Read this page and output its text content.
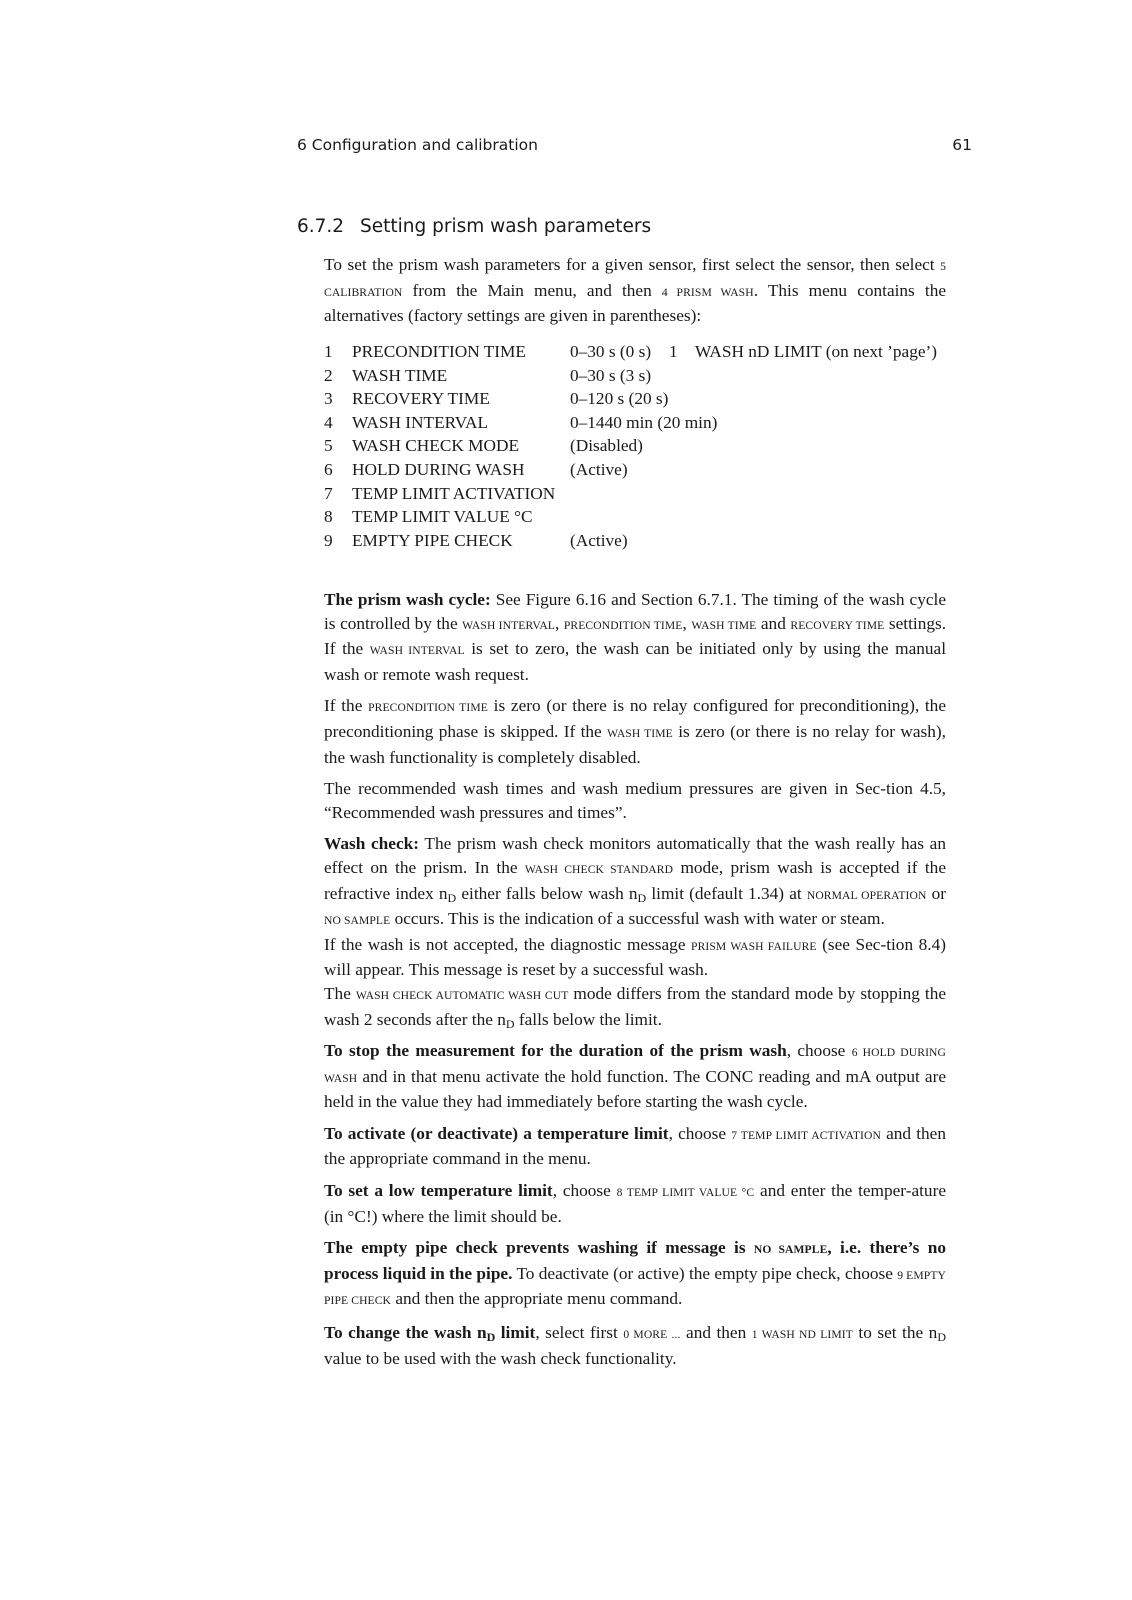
6 Configuration and calibration	61
6.7.2 Setting prism wash parameters
To set the prism wash parameters for a given sensor, first select the sensor, then select 5 CALIBRATION from the Main menu, and then 4 PRISM WASH. This menu contains the alternatives (factory settings are given in parentheses):
1	PRECONDITION TIME	0–30 s (0 s)	1	WASH nD LIMIT (on next ’page’)
2	WASH TIME	0–30 s (3 s)
3	RECOVERY TIME	0–120 s (20 s)
4	WASH INTERVAL	0–1440 min (20 min)
5	WASH CHECK MODE	(Disabled)
6	HOLD DURING WASH	(Active)
7	TEMP LIMIT ACTIVATION
8	TEMP LIMIT VALUE °C
9	EMPTY PIPE CHECK	(Active)

The prism wash cycle: See Figure 6.16 and Section 6.7.1. The timing of the wash cycle is controlled by the WASH INTERVAL, PRECONDITION TIME, WASH TIME and RECOVERY TIME settings. If the WASH INTERVAL is set to zero, the wash can be initiated only by using the manual wash or remote wash request.

If the PRECONDITION TIME is zero (or there is no relay configured for preconditioning), the preconditioning phase is skipped. If the WASH TIME is zero (or there is no relay for wash), the wash functionality is completely disabled.

The recommended wash times and wash medium pressures are given in Sec-tion 4.5, “Recommended wash pressures and times”.

Wash check: The prism wash check monitors automatically that the wash really has an effect on the prism. In the WASH CHECK STANDARD mode, prism wash is accepted if the refractive index $n_D$ either falls below wash $n_D$ limit (default 1.34) at NORMAL OPERATION or NO SAMPLE occurs. This is the indication of a successful wash with water or steam.

If the wash is not accepted, the diagnostic message PRISM WASH FAILURE (see Sec-tion 8.4) will appear. This message is reset by a successful wash.

The WASH CHECK AUTOMATIC WASH CUT mode differs from the standard mode by stopping the wash 2 seconds after the $n_D$ falls below the limit.

To stop the measurement for the duration of the prism wash, choose 6 HOLD DURING WASH and in that menu activate the hold function. The CONC reading and mA output are held in the value they had immediately before starting the wash cycle.

To activate (or deactivate) a temperature limit, choose 7 TEMP LIMIT ACTIVATION and then the appropriate command in the menu.

To set a low temperature limit, choose 8 TEMP LIMIT VALUE °C and enter the temper-ature (in °C!) where the limit should be.

The empty pipe check prevents washing if message is NO SAMPLE, i.e. there’s no process liquid in the pipe. To deactivate (or active) the empty pipe check, choose 9 EMPTY PIPE CHECK and then the appropriate menu command.

To change the wash $n_D$ limit, select first 0 MORE ... and then 1 WASH ND LIMIT to set the $n_D$ value to be used with the wash check functionality.
